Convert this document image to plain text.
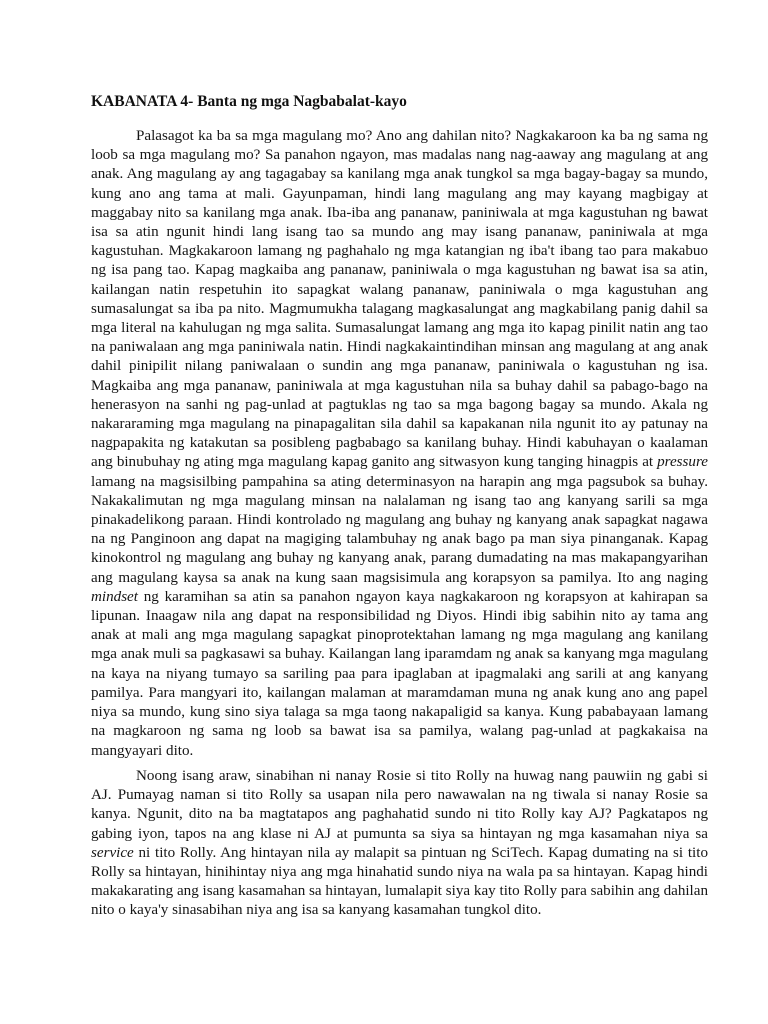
KABANATA 4- Banta ng mga Nagbabalat-kayo

Palasagot ka ba sa mga magulang mo? Ano ang dahilan nito? Nagkakaroon ka ba ng sama ng loob sa mga magulang mo? Sa panahon ngayon, mas madalas nang nag-aaway ang magulang at ang anak. Ang magulang ay ang tagagabay sa kanilang mga anak tungkol sa mga bagay-bagay sa mundo, kung ano ang tama at mali. Gayunpaman, hindi lang magulang ang may kayang magbigay at maggabay nito sa kanilang mga anak. Iba-iba ang pananaw, paniniwala at mga kagustuhan ng bawat isa sa atin ngunit hindi lang isang tao sa mundo ang may isang pananaw, paniniwala at mga kagustuhan. Magkakaroon lamang ng paghahalo ng mga katangian ng iba't ibang tao para makabuo ng isa pang tao. Kapag magkaiba ang pananaw, paniniwala o mga kagustuhan ng bawat isa sa atin, kailangan natin respetuhin ito sapagkat walang pananaw, paniniwala o mga kagustuhan ang sumasalungat sa iba pa nito. Magmumukha talagang magkasalungat ang magkabilang panig dahil sa mga literal na kahulugan ng mga salita. Sumasalungat lamang ang mga ito kapag pinilit natin ang tao na paniwalaan ang mga paniniwala natin. Hindi nagkakaintindihan minsan ang magulang at ang anak dahil pinipilit nilang paniwalaan o sundin ang mga pananaw, paniniwala o kagustuhan ng isa. Magkaiba ang mga pananaw, paniniwala at mga kagustuhan nila sa buhay dahil sa pabago-bago na henerasyon na sanhi ng pag-unlad at pagtuklas ng tao sa mga bagong bagay sa mundo. Akala ng nakararaming mga magulang na pinapagalitan sila dahil sa kapakanan nila ngunit ito ay patunay na nagpapakita ng katakutan sa posibleng pagbabago sa kanilang buhay. Hindi kabuhayan o kaalaman ang binubuhay ng ating mga magulang kapag ganito ang sitwasyon kung tanging hinagpis at pressure lamang na magsisilbing pampahina sa ating determinasyon na harapin ang mga pagsubok sa buhay. Nakakalimutan ng mga magulang minsan na nalalaman ng isang tao ang kanyang sarili sa mga pinakadelikong paraan. Hindi kontrolado ng magulang ang buhay ng kanyang anak sapagkat nagawa na ng Panginoon ang dapat na magiging talambuhay ng anak bago pa man siya pinanganak. Kapag kinokontrol ng magulang ang buhay ng kanyang anak, parang dumadating na mas makapangyarihan ang magulang kaysa sa anak na kung saan magsisimula ang korapsyon sa pamilya. Ito ang naging mindset ng karamihan sa atin sa panahon ngayon kaya nagkakaroon ng korapsyon at kahirapan sa lipunan. Inaagaw nila ang dapat na responsibilidad ng Diyos. Hindi ibig sabihin nito ay tama ang anak at mali ang mga magulang sapagkat pinoprotektahan lamang ng mga magulang ang kanilang mga anak muli sa pagkasawi sa buhay. Kailangan lang iparamdam ng anak sa kanyang mga magulang na kaya na niyang tumayo sa sariling paa para ipaglaban at ipagmalaki ang sarili at ang kanyang pamilya. Para mangyari ito, kailangan malaman at maramdaman muna ng anak kung ano ang papel niya sa mundo, kung sino siya talaga sa mga taong nakapaligid sa kanya. Kung pababayaan lamang na magkaroon ng sama ng loob sa bawat isa sa pamilya, walang pag-unlad at pagkakaisa na mangyayari dito.

Noong isang araw, sinabihan ni nanay Rosie si tito Rolly na huwag nang pauwiin ng gabi si AJ. Pumayag naman si tito Rolly sa usapan nila pero nawawalan na ng tiwala si nanay Rosie sa kanya. Ngunit, dito na ba magtatapos ang paghahatid sundo ni tito Rolly kay AJ? Pagkatapos ng gabing iyon, tapos na ang klase ni AJ at pumunta sa siya sa hintayan ng mga kasamahan niya sa service ni tito Rolly. Ang hintayan nila ay malapit sa pintuan ng SciTech. Kapag dumating na si tito Rolly sa hintayan, hinihintay niya ang mga hinahatid sundo niya na wala pa sa hintayan. Kapag hindi makakarating ang isang kasamahan sa hintayan, lumalapit siya kay tito Rolly para sabihin ang dahilan nito o kaya'y sinasabihan niya ang isa sa kanyang kasamahan tungkol dito.
